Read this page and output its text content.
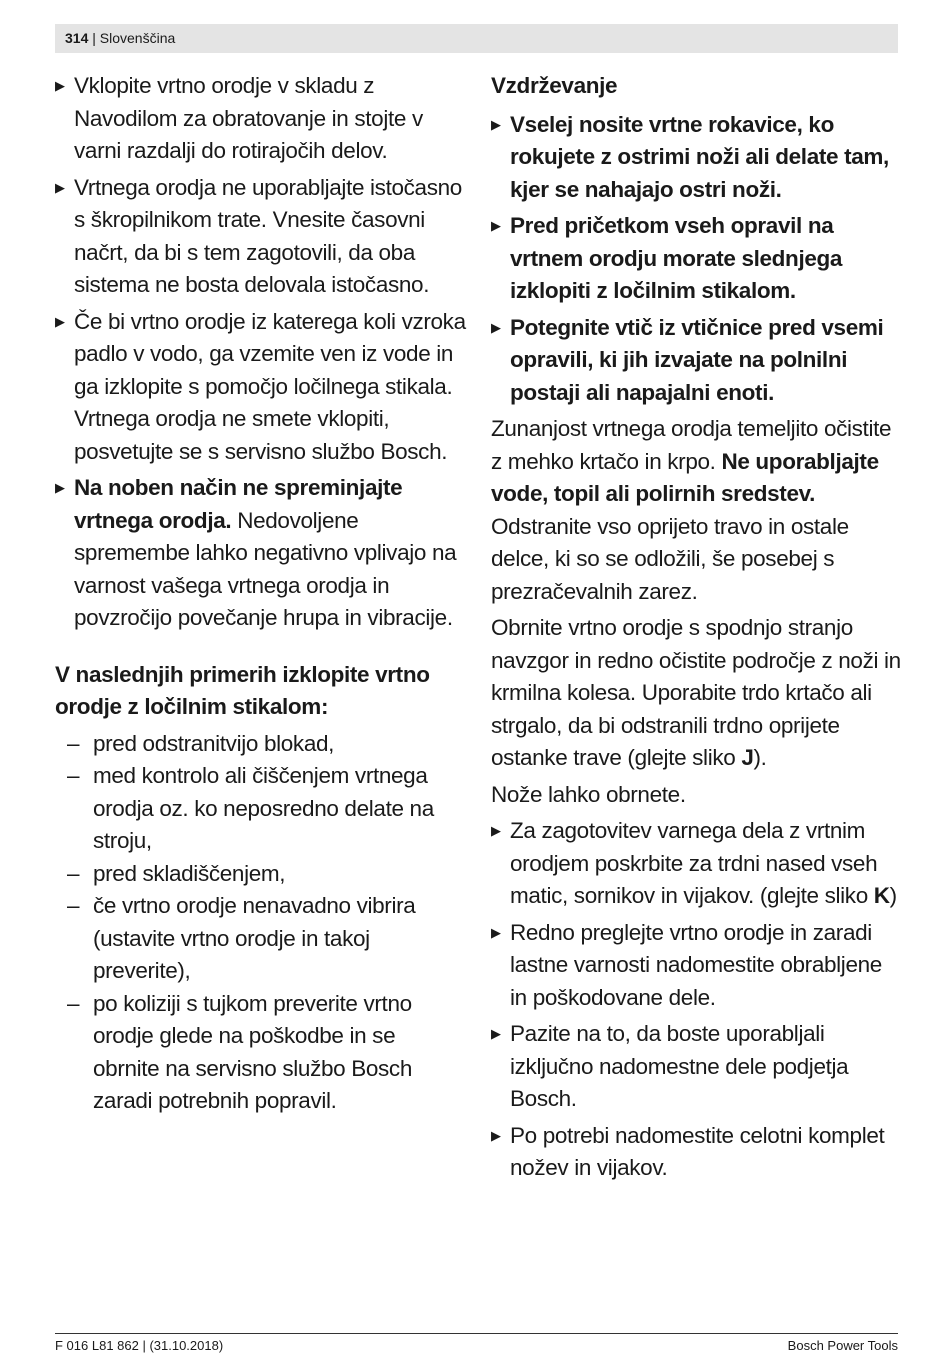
314 | Slovenščina
▶ Vklopite vrtno orodje v skladu z Navodilom za obratovanje in stojte v varni razdalji do rotirajočih delov.
▶ Vrtnega orodja ne uporabljajte istočasno s škropilnikom trate. Vnesite časovni načrt, da bi s tem zagotovili, da oba sistema ne bosta delovala istočasno.
▶ Če bi vrtno orodje iz katerega koli vzroka padlo v vodo, ga vzemite ven iz vode in ga izklopite s pomočjo ločilnega stikala. Vrtnega orodja ne smete vklopiti, posvetujte se s servisno službo Bosch.
▶ Na noben način ne spreminjajte vrtnega orodja. Nedovoljene spremembe lahko negativno vplivajo na varnost vašega vrtnega orodja in povzročijo povečanje hrupa in vibracije.
V naslednjih primerih izklopite vrtno orodje z ločilnim stikalom:
– pred odstranitvijo blokad,
– med kontrolo ali čiščenjem vrtnega orodja oz. ko neposredno delate na stroju,
– pred skladiščenjem,
– če vrtno orodje nenavadno vibrira (ustavite vrtno orodje in takoj preverite),
– po koliziji s tujkom preverite vrtno orodje glede na poškodbe in se obrnite na servisno službo Bosch zaradi potrebnih popravil.
Vzdrževanje
▶ Vselej nosite vrtne rokavice, ko rokujete z ostrimi noži ali delate tam, kjer se nahajajo ostri noži.
▶ Pred pričetkom vseh opravil na vrtnem orodju morate slednjega izklopiti z ločilnim stikalom.
▶ Potegnite vtič iz vtičnice pred vsemi opravili, ki jih izvajate na polnilni postaji ali napajalni enoti.
Zunanjost vrtnega orodja temeljito očistite z mehko krtačo in krpo. Ne uporabljajte vode, topil ali polirnih sredstev. Odstranite vso oprijeto travo in ostale delce, ki so se odložili, še posebej s prezračevalnih zarez.
Obrnite vrtno orodje s spodnjo stranjo navzgor in redno očistite področje z noži in krmilna kolesa. Uporabite trdo krtačo ali strgalo, da bi odstranili trdno oprijete ostanke trave (glejte sliko J).
Nože lahko obrnete.
▶ Za zagotovitev varnega dela z vrtnim orodjem poskrbite za trdni nased vseh matic, sornikov in vijakov. (glejte sliko K)
▶ Redno preglejte vrtno orodje in zaradi lastne varnosti nadomestite obrabljene in poškodovane dele.
▶ Pazite na to, da boste uporabljali izključno nadomestne dele podjetja Bosch.
▶ Po potrebi nadomestite celotni komplet nožev in vijakov.
F 016 L81 862 | (31.10.2018)	Bosch Power Tools
